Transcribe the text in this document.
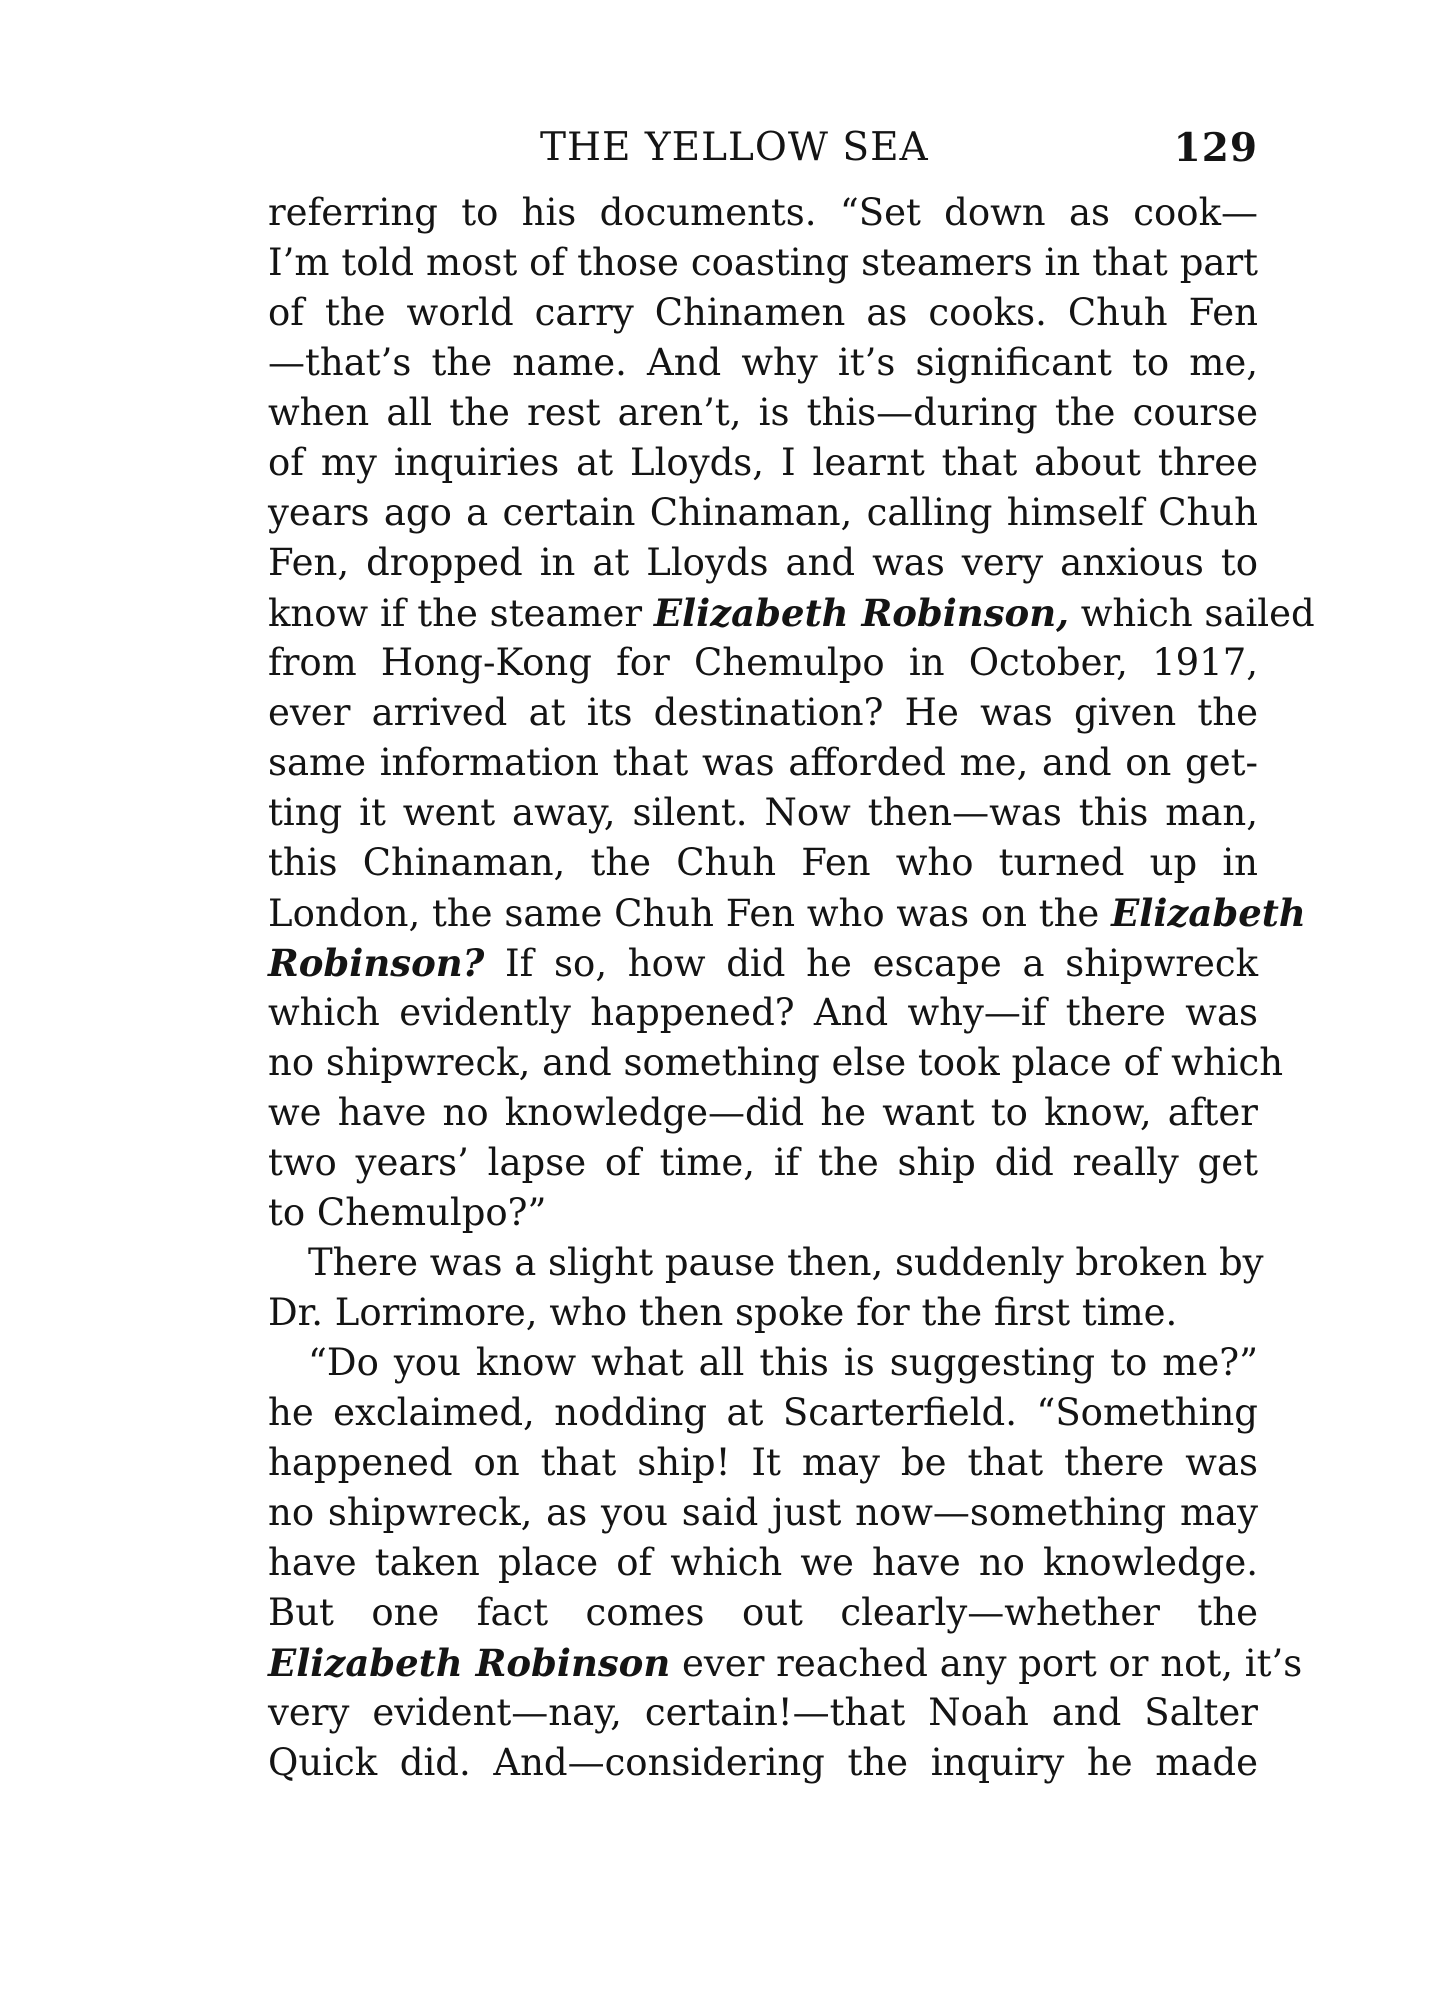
THE YELLOW SEA	129
referring to his documents. “Set down as cook—
I’m told most of those coasting steamers in that part
of the world carry Chinamen as cooks. Chuh Fen
—that’s the name. And why it’s significant to me,
when all the rest aren’t, is this—during the course
of my inquiries at Lloyds, I learnt that about three
years ago a certain Chinaman, calling himself Chuh
Fen, dropped in at Lloyds and was very anxious to
know if the steamer Elizabeth Robinson, which sailed
from Hong-Kong for Chemulpo in October, 1917,
ever arrived at its destination? He was given the
same information that was afforded me, and on get-
ting it went away, silent. Now then—was this man,
this Chinaman, the Chuh Fen who turned up in
London, the same Chuh Fen who was on the Elizabeth
Robinson? If so, how did he escape a shipwreck
which evidently happened? And why—if there was
no shipwreck, and something else took place of which
we have no knowledge—did he want to know, after
two years’ lapse of time, if the ship did really get
to Chemulpo?”
There was a slight pause then, suddenly broken by
Dr. Lorrimore, who then spoke for the first time.
“Do you know what all this is suggesting to me?”
he exclaimed, nodding at Scarterfield. “Something
happened on that ship! It may be that there was
no shipwreck, as you said just now—something may
have taken place of which we have no knowledge.
But one fact comes out clearly—whether the
Elizabeth Robinson ever reached any port or not, it’s
very evident—nay, certain!—that Noah and Salter
Quick did. And—considering the inquiry he made
